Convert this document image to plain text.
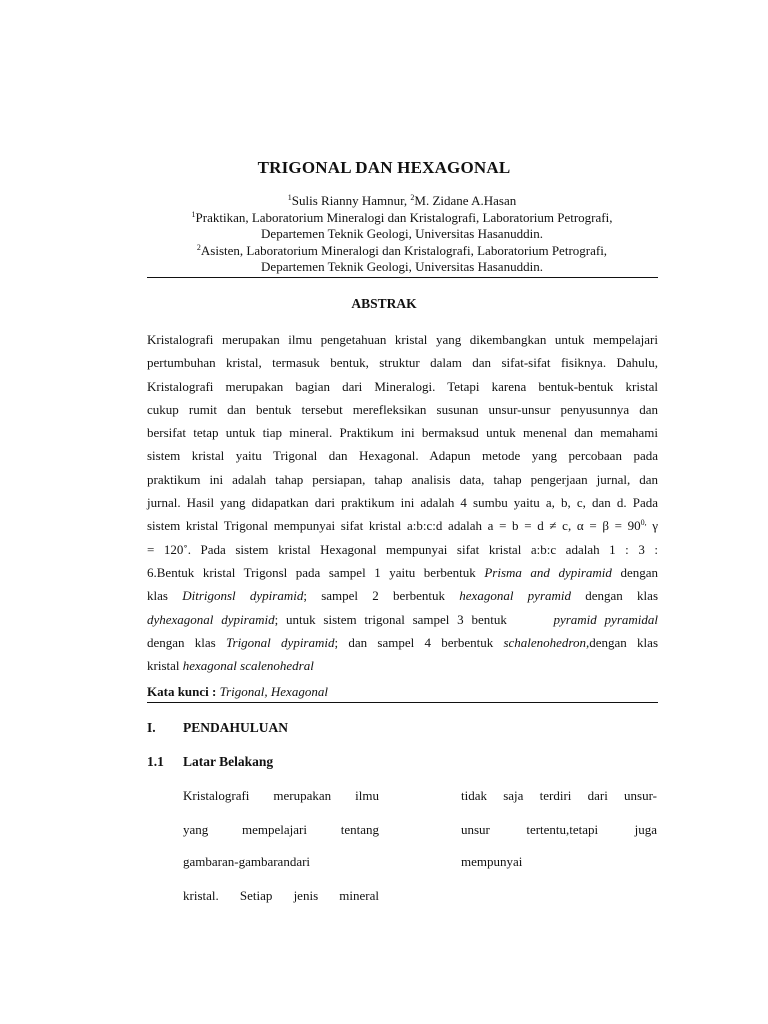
TRIGONAL DAN HEXAGONAL
$^1$Sulis Rianny Hamnur, $^2$M. Zidane A.Hasan
$^1$Praktikan, Laboratorium Mineralogi dan Kristalografi, Laboratorium Petrografi,
Departemen Teknik Geologi, Universitas Hasanuddin.
$^2$Asisten, Laboratorium Mineralogi dan Kristalografi, Laboratorium Petrografi,
Departemen Teknik Geologi, Universitas Hasanuddin.
ABSTRAK
Kristalografi merupakan ilmu pengetahuan kristal yang dikembangkan untuk mempelajari
pertumbuhan kristal, termasuk bentuk, struktur dalam dan sifat-sifat fisiknya. Dahulu,
Kristalografi merupakan bagian dari Mineralogi. Tetapi karena bentuk-bentuk kristal
cukup rumit dan bentuk tersebut merefleksikan susunan unsur-unsur penyusunnya dan
bersifat tetap untuk tiap mineral. Praktikum ini bermaksud untuk menenal dan memahami
sistem kristal yaitu Trigonal dan Hexagonal. Adapun metode yang percobaan pada
praktikum ini adalah tahap persiapan, tahap analisis data, tahap pengerjaan jurnal, dan
jurnal. Hasil yang didapatkan dari praktikum ini adalah 4 sumbu yaitu a, b, c, dan d. Pada
sistem kristal Trigonal mempunyai sifat kristal a:b:c:d adalah a = b = d ≠ c, $\alpha = \beta = 90^{0,}$ γ
= 120˚. Pada sistem kristal Hexagonal mempunyai sifat kristal a:b:c adalah 1 : 3 :
6.Bentuk kristal Trigonsl pada sampel 1 yaitu berbentuk Prisma and dypiramid dengan
klas Ditrigonsl dypiramid; sampel 2 berbentuk hexagonal pyramid dengan klas
dyhexagonal dypiramid; untuk sistem trigonal sampel 3 bentuk      pyramid pyramidal
dengan klas Trigonal dypiramid; dan sampel 4 berbentuk schalenohedron,dengan klas
kristal hexagonal scalenohedral
Kata kunci : Trigonal, Hexagonal
I. PENDAHULUAN
1.1 Latar Belakang
Kristalografi merupakan ilmu
yang mempelajari tentang
gambaran-gambarandari
kristal. Setiap jenis mineral
tidak saja terdiri dari unsur-
unsur tertentu,tetapi juga
mempunyai
